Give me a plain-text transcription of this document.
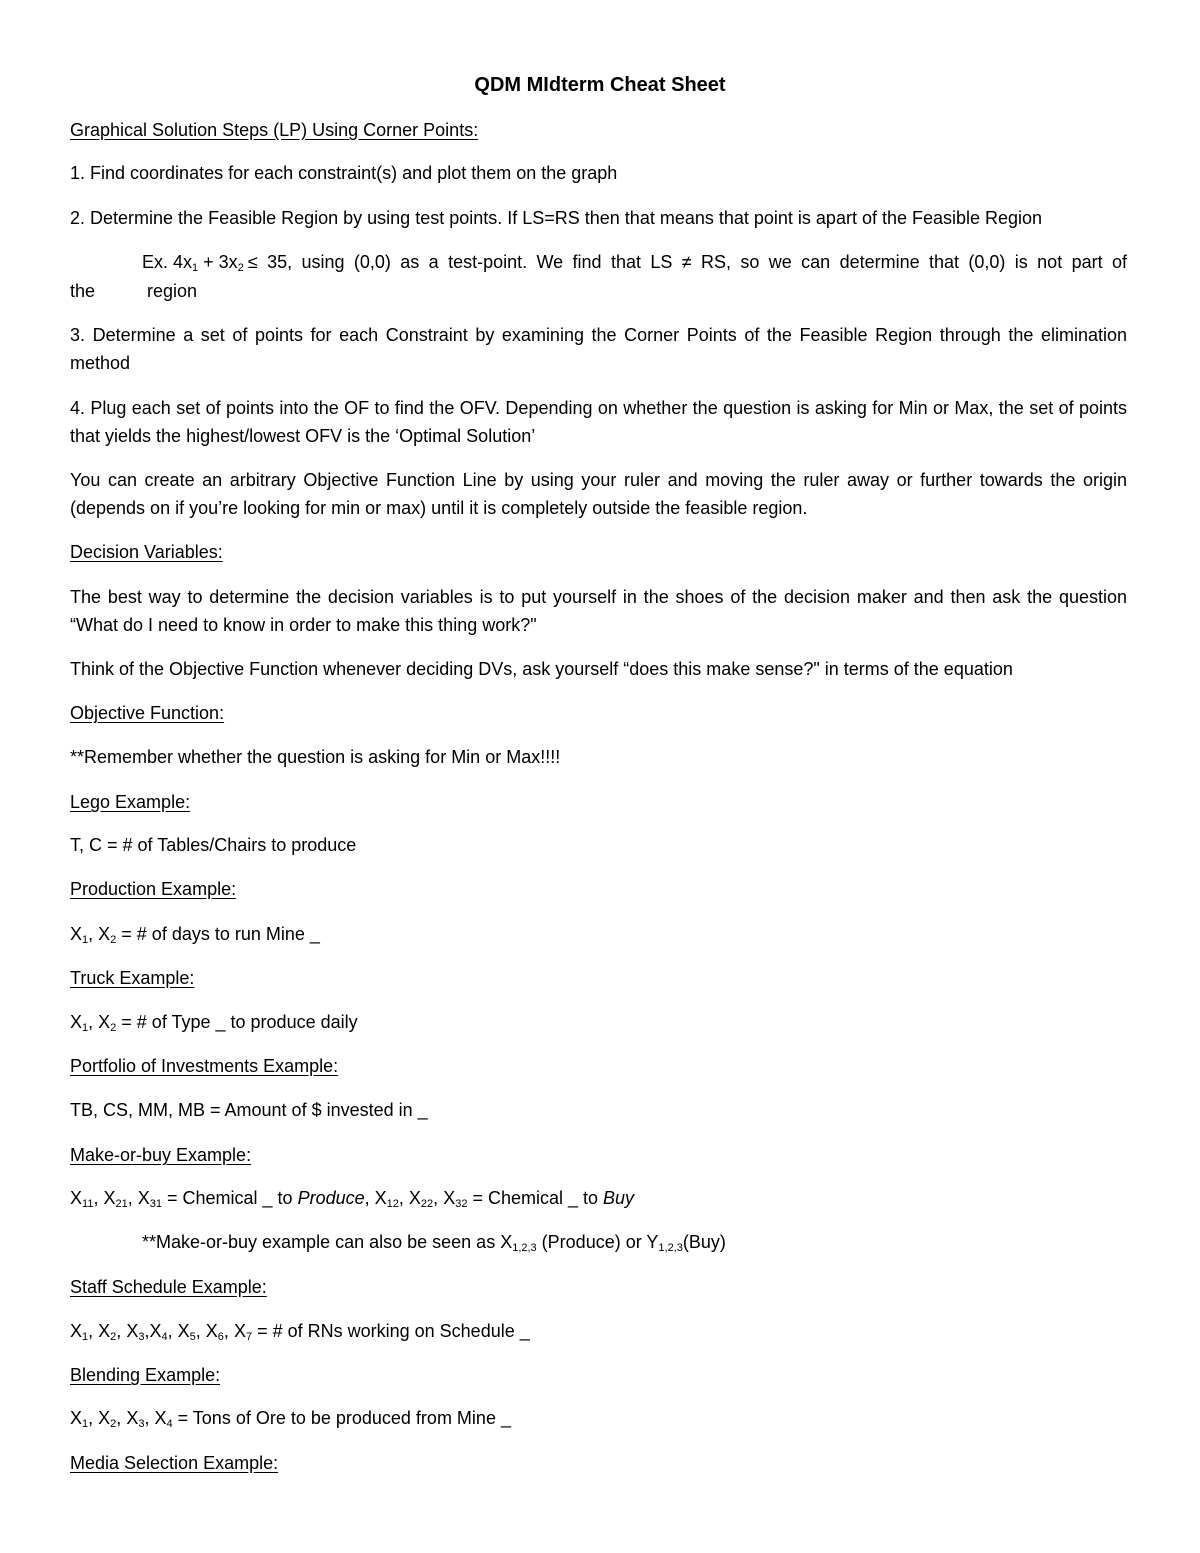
QDM MIdterm Cheat Sheet
Graphical Solution Steps (LP) Using Corner Points:
1. Find coordinates for each constraint(s) and plot them on the graph
2. Determine the Feasible Region by using test points. If LS=RS then that means that point is apart of the Feasible Region
Ex. $4x_1 + 3x_2 \le 35$, using (0,0) as a test-point. We find that LS ≠ RS, so we can determine that (0,0) is not part of
the	region
3. Determine a set of points for each Constraint by examining the Corner Points of the Feasible Region through the elimination method
4. Plug each set of points into the OF to find the OFV. Depending on whether the question is asking for Min or Max, the set of points that yields the highest/lowest OFV is the ‘Optimal Solution’
You can create an arbitrary Objective Function Line by using your ruler and moving the ruler away or further towards the origin (depends on if you’re looking for min or max) until it is completely outside the feasible region.
Decision Variables:
The best way to determine the decision variables is to put yourself in the shoes of the decision maker and then ask the question “What do I need to know in order to make this thing work?"
Think of the Objective Function whenever deciding DVs, ask yourself “does this make sense?" in terms of the equation
Objective Function:
**Remember whether the question is asking for Min or Max!!!!
Lego Example:
T, C = # of Tables/Chairs to produce
Production Example:
$X_1$, $X_2$ = # of days to run Mine _
Truck Example:
$X_1$, $X_2$ = # of Type _ to produce daily
Portfolio of Investments Example:
TB, CS, MM, MB = Amount of $ invested in _
Make-or-buy Example:
$X_{11}$, $X_{21}$, $X_{31}$ = Chemical _ to Produce, $X_{12}$, $X_{22}$, $X_{32}$ = Chemical _ to Buy
**Make-or-buy example can also be seen as $X_{1,2,3}$ (Produce) or $Y_{1,2,3}(Buy)$
Staff Schedule Example:
$X_1$, $X_2$, $X_3,X_4$, $X_5$, $X_6$, $X_7$ = # of RNs working on Schedule _
Blending Example:
$X_1$, $X_2$, $X_3$, $X_4$ = Tons of Ore to be produced from Mine _
Media Selection Example:
